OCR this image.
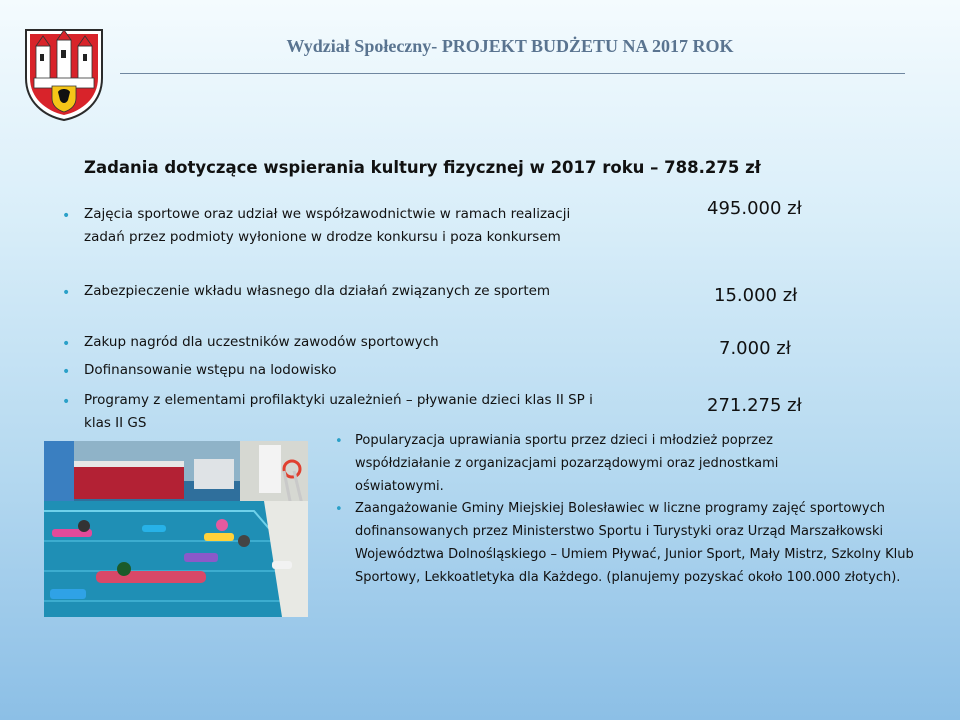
Wydział Społeczny- PROJEKT BUDŻETU NA 2017 ROK
Zadania dotyczące wspierania kultury fizycznej w 2017 roku – 788.275 zł
• Zajęcia sportowe oraz udział we współzawodnictwie w ramach realizacji zadań przez podmioty wyłonione w drodze konkursu i poza konkursem
• Zabezpieczenie wkładu własnego dla działań związanych ze sportem
• Zakup nagród dla uczestników zawodów sportowych
• Dofinansowanie wstępu na lodowisko
• Programy z elementami profilaktyki uzależnień – pływanie dzieci klas II SP i klas II GS
495.000 zł
15.000 zł
7.000 zł
271.275 zł
• Popularyzacja uprawiania sportu przez dzieci i młodzież poprzez współdziałanie z organizacjami pozarządowymi oraz jednostkami oświatowymi.
• Zaangażowanie Gminy Miejskiej Bolesławiec w liczne programy zajęć sportowych dofinansowanych przez Ministerstwo Sportu i Turystyki oraz Urząd Marszałkowski Województwa Dolnośląskiego – Umiem Pływać, Junior Sport, Mały Mistrz, Szkolny Klub Sportowy, Lekkoatletyka dla Każdego. (planujemy pozyskać około 100.000 złotych).
